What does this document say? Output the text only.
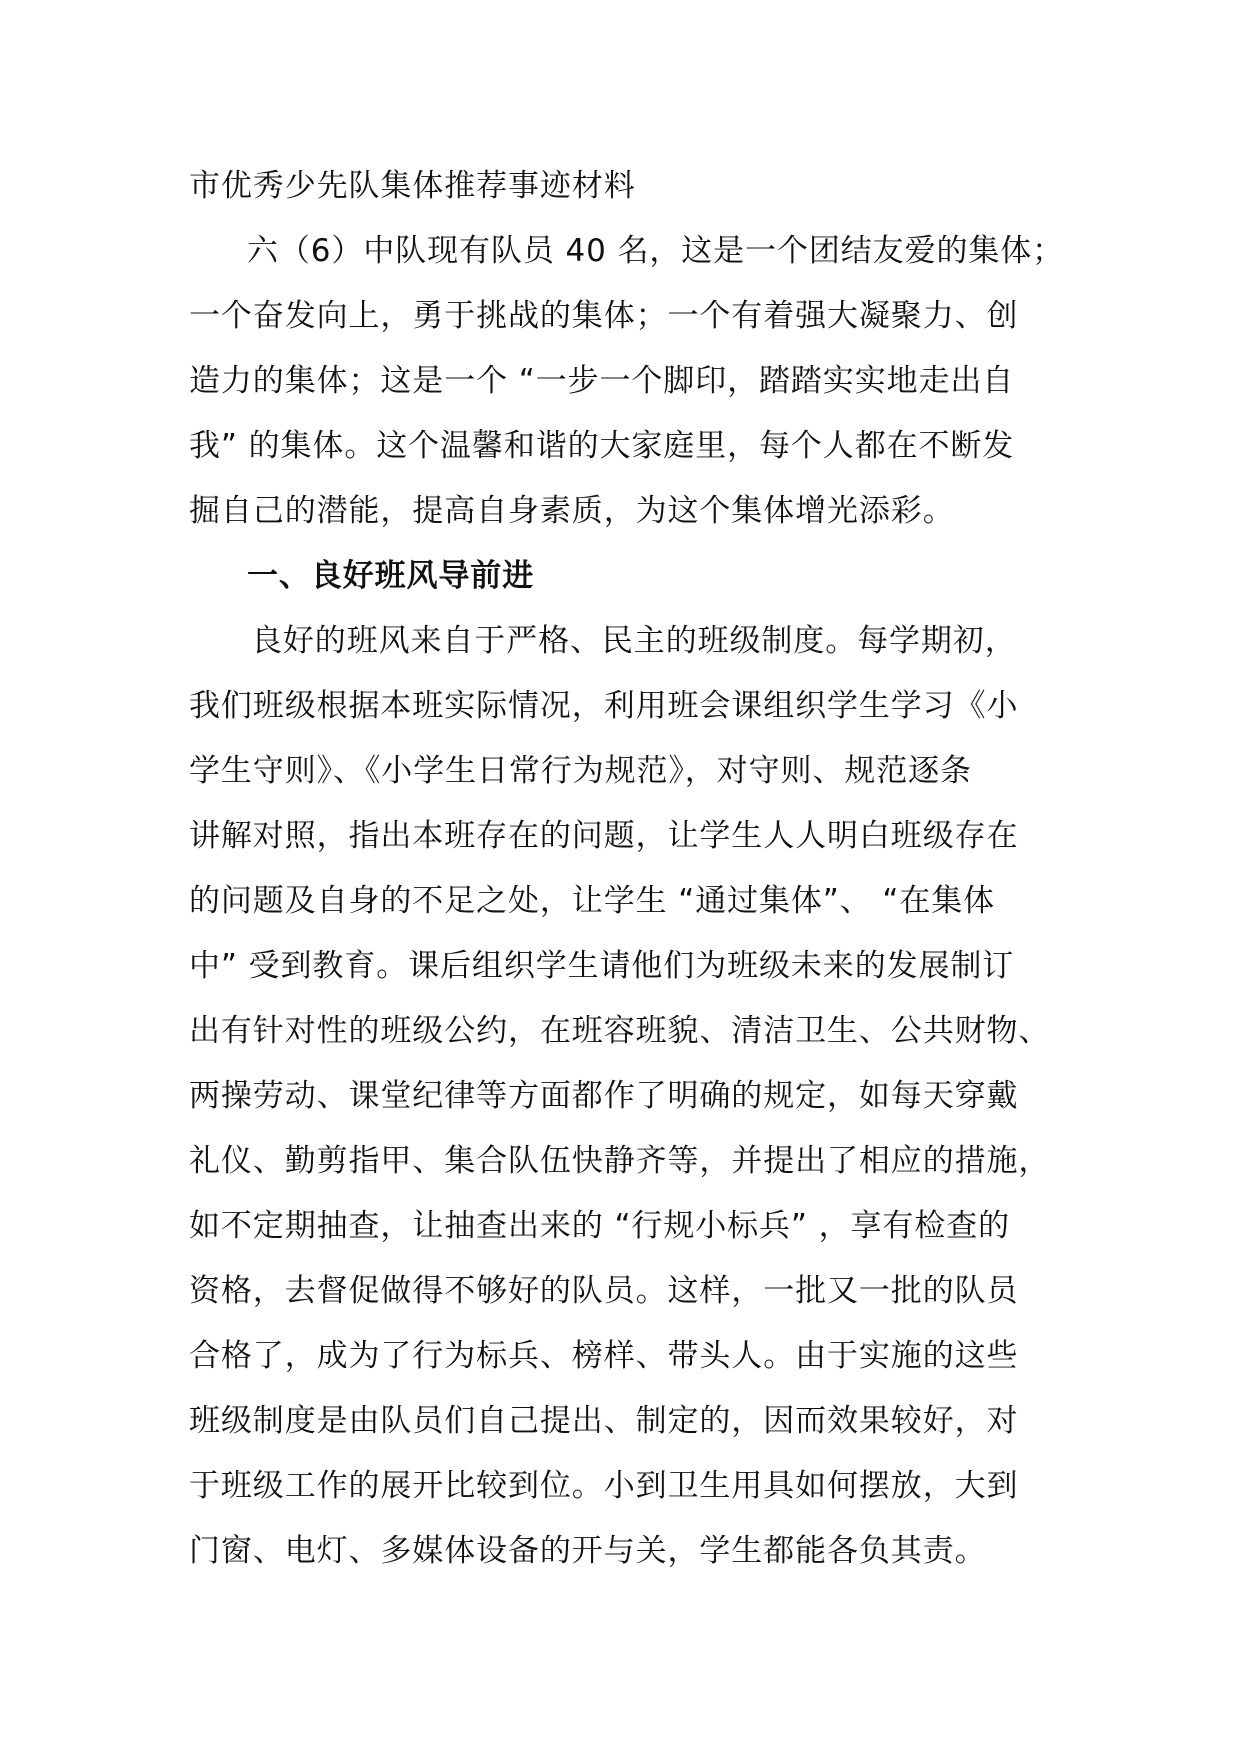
市优秀少先队集体推荐事迹材料
六（6）中队现有队员 40 名，这是一个团结友爱的集体；
一个奋发向上，勇于挑战的集体；一个有着强大凝聚力、创
造力的集体；这是一个 “一步一个脚印，踏踏实实地走出自
我” 的集体。这个温馨和谐的大家庭里，每个人都在不断发
掘自己的潜能，提高自身素质，为这个集体增光添彩。
一、良好班风导前进
良好的班风来自于严格、民主的班级制度。每学期初，
我们班级根据本班实际情况，利用班会课组织学生学习《小
学生守则》、《小学生日常行为规范》，对守则、规范逐条
讲解对照，指出本班存在的问题，让学生人人明白班级存在
的问题及自身的不足之处，让学生 “通过集体”、 “在集体
中” 受到教育。课后组织学生请他们为班级未来的发展制订
出有针对性的班级公约，在班容班貌、清洁卫生、公共财物、
两操劳动、课堂纪律等方面都作了明确的规定，如每天穿戴
礼仪、勤剪指甲、集合队伍快静齐等，并提出了相应的措施，
如不定期抽查，让抽查出来的 “行规小标兵” ，享有检查的
资格，去督促做得不够好的队员。这样，一批又一批的队员
合格了，成为了行为标兵、榜样、带头人。由于实施的这些
班级制度是由队员们自己提出、制定的，因而效果较好，对
于班级工作的展开比较到位。小到卫生用具如何摆放，大到
门窗、电灯、多媒体设备的开与关，学生都能各负其责。
